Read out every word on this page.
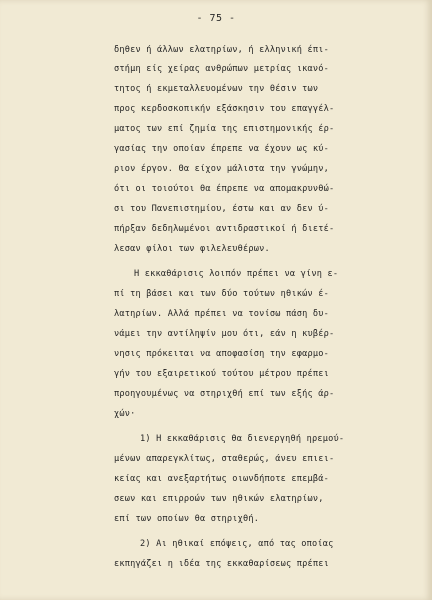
- 75 -
δηθεν ή άλλων ελατηρίων, ή ελληνική έπι-
στήμη είς χείρας ανθρώπων μετρίας ικανό-
τητος ή εκμεταλλευομένων την θέσιν των
προς κερδοσκοπικήν εξάσκησιν του επαγγέλ-
ματος των επί ζημία της επιστημονικής έρ-
γασίας την οποίαν έπρεπε να έχουν ως κύ-
ριον έργον. Θα είχον μάλιστα την γνώμην,
ότι οι τοιούτοι θα έπρεπε να απομακρυνθώ-
σι του Πανεπιστημίου, έστω και αν δεν ύ-
πήρξαν δεδηλωμένοι αντιδραστικοί ή διετέ-
λεσαν φίλοι των φιλελευθέρων.
Η εκκαθάρισις λοιπόν πρέπει να γίνη ε-
πί τη βάσει και των δύο τούτων ηθικών έ-
λατηρίων. Αλλά πρέπει να τονίσω πάση δυ-
νάμει την αντίληψίν μου ότι, εάν η κυβέρ-
νησις πρόκειται να αποφασίση την εφαρμο-
γήν του εξαιρετικού τούτου μέτρου πρέπει
προηγουμένως να στηριχθή επί των εξής άρ-
χών·
1) Η εκκαθάρισις θα διενεργηθή ηρεμού-
μένων απαρεγκλίτως, σταθερώς, άνευ επιει-
κείας και ανεξαρτήτως οιωνδήποτε επεμβά-
σεων και επιρροών των ηθικών ελατηρίων,
επί των οποίων θα στηριχθή.
2) Αι ηθικαί επόψεις, από τας οποίας
εκπηγάζει η ιδέα της εκκαθαρίσεως πρέπει
